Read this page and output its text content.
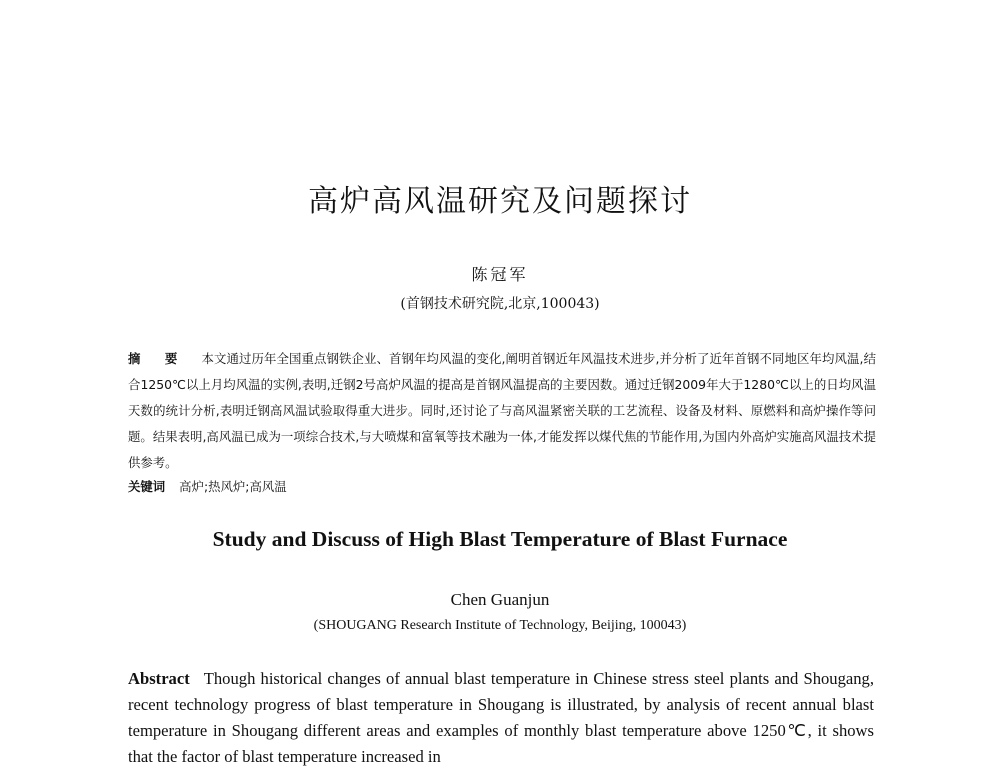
高炉高风温研究及问题探讨
陈冠军
(首钢技术研究院,北京,100043)
摘 要 本文通过历年全国重点钢铁企业、首钢年均风温的变化,阐明首钢近年风温技术进步,并分析了近年首钢不同地区年均风温,结合1250℃以上月均风温的实例,表明,迁钢2号高炉风温的提高是首钢风温提高的主要因数。通过迁钢2009年大于1280℃以上的日均风温天数的统计分析,表明迁钢高风温试验取得重大进步。同时,还讨论了与高风温紧密关联的工艺流程、设备及材料、原燃料和高炉操作等问题。结果表明,高风温已成为一项综合技术,与大喷煤和富氧等技术融为一体,才能发挥以煤代焦的节能作用,为国内外高炉实施高风温技术提供参考。
关键词 高炉;热风炉;高风温
Study and Discuss of High Blast Temperature of Blast Furnace
Chen Guanjun
(SHOUGANG Research Institute of Technology, Beijing, 100043)
Abstract Though historical changes of annual blast temperature in Chinese stress steel plants and Shougang, recent technology progress of blast temperature in Shougang is illustrated, by analysis of recent annual blast temperature in Shougang different areas and examples of monthly blast temperature above 1250℃, it shows that the factor of blast temperature increased in
